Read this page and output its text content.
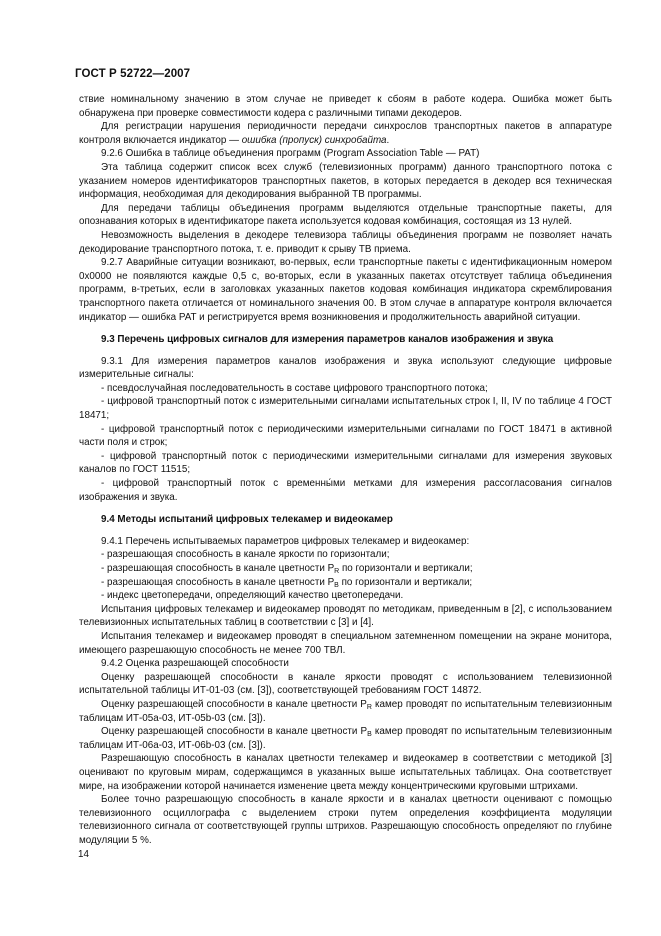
ГОСТ Р 52722—2007

ствие номинальному значению в этом случае не приведет к сбоям в работе кодера. Ошибка может быть обнаружена при проверке совместимости кодера с различными типами декодеров.

Для регистрации нарушения периодичности передачи синхрослов транспортных пакетов в аппаратуре контроля включается индикатор — ошибка (пропуск) синхробайта.

9.2.6 Ошибка в таблице объединения программ (Program Association Table — PAT)

Эта таблица содержит список всех служб (телевизионных программ) данного транспортного потока с указанием номеров идентификаторов транспортных пакетов, в которых передается в декодер вся техническая информация, необходимая для декодирования выбранной ТВ программы.

Для передачи таблицы объединения программ выделяются отдельные транспортные пакеты, для опознавания которых в идентификаторе пакета используется кодовая комбинация, состоящая из 13 нулей.

Невозможность выделения в декодере телевизора таблицы объединения программ не позволяет начать декодирование транспортного потока, т. е. приводит к срыву ТВ приема.

9.2.7 Аварийные ситуации возникают, во-первых, если транспортные пакеты с идентификационным номером 0x0000 не появляются каждые 0,5 с, во-вторых, если в указанных пакетах отсутствует таблица объединения программ, в-третьих, если в заголовках указанных пакетов кодовая комбинация индикатора скремблирования транспортного пакета отличается от номинального значения 00. В этом случае в аппаратуре контроля включается индикатор — ошибка PAT и регистрируется время возникновения и продолжительность аварийной ситуации.

9.3 Перечень цифровых сигналов для измерения параметров каналов изображения и звука

9.3.1 Для измерения параметров каналов изображения и звука используют следующие цифровые измерительные сигналы:

- псевдослучайная последовательность в составе цифрового транспортного потока;

- цифровой транспортный поток с измерительными сигналами испытательных строк I, II, IV по таблице 4 ГОСТ 18471;

- цифровой транспортный поток с периодическими измерительными сигналами по ГОСТ 18471 в активной части поля и строк;

- цифровой транспортный поток с периодическими измерительными сигналами для измерения звуковых каналов по ГОСТ 11515;

- цифровой транспортный поток с временны́ми метками для измерения рассогласования сигналов изображения и звука.

9.4 Методы испытаний цифровых телекамер и видеокамер

9.4.1 Перечень испытываемых параметров цифровых телекамер и видеокамер:

- разрешающая способность в канале яркости по горизонтали;

- разрешающая способность в канале цветности $P_R$ по горизонтали и вертикали;

- разрешающая способность в канале цветности $P_B$ по горизонтали и вертикали;

- индекс цветопередачи, определяющий качество цветопередачи.

Испытания цифровых телекамер и видеокамер проводят по методикам, приведенным в [2], с использованием телевизионных испытательных таблиц в соответствии с [3] и [4].

Испытания телекамер и видеокамер проводят в специальном затемненном помещении на экране монитора, имеющего разрешающую способность не менее 700 ТВЛ.

9.4.2 Оценка разрешающей способности

Оценку разрешающей способности в канале яркости проводят с использованием телевизионной испытательной таблицы ИТ-01-03 (см. [3]), соответствующей требованиям ГОСТ 14872.

Оценку разрешающей способности в канале цветности $P_R$ камер проводят по испытательным телевизионным таблицам ИТ-05а-03, ИТ-05b-03 (см. [3]).

Оценку разрешающей способности в канале цветности $P_B$ камер проводят по испытательным телевизионным таблицам ИТ-06а-03, ИТ-06b-03 (см. [3]).

Разрешающую способность в каналах цветности телекамер и видеокамер в соответствии с методикой [3] оценивают по круговым мирам, содержащимся в указанных выше испытательных таблицах. Она соответствует мире, на изображении которой начинается изменение цвета между концентрическими круговыми штрихами.

Более точно разрешающую способность в канале яркости и в каналах цветности оценивают с помощью телевизионного осциллографа с выделением строки путем определения коэффициента модуляции телевизионного сигнала от соответствующей группы штрихов. Разрешающую способность определяют по глубине модуляции 5 %.

14
